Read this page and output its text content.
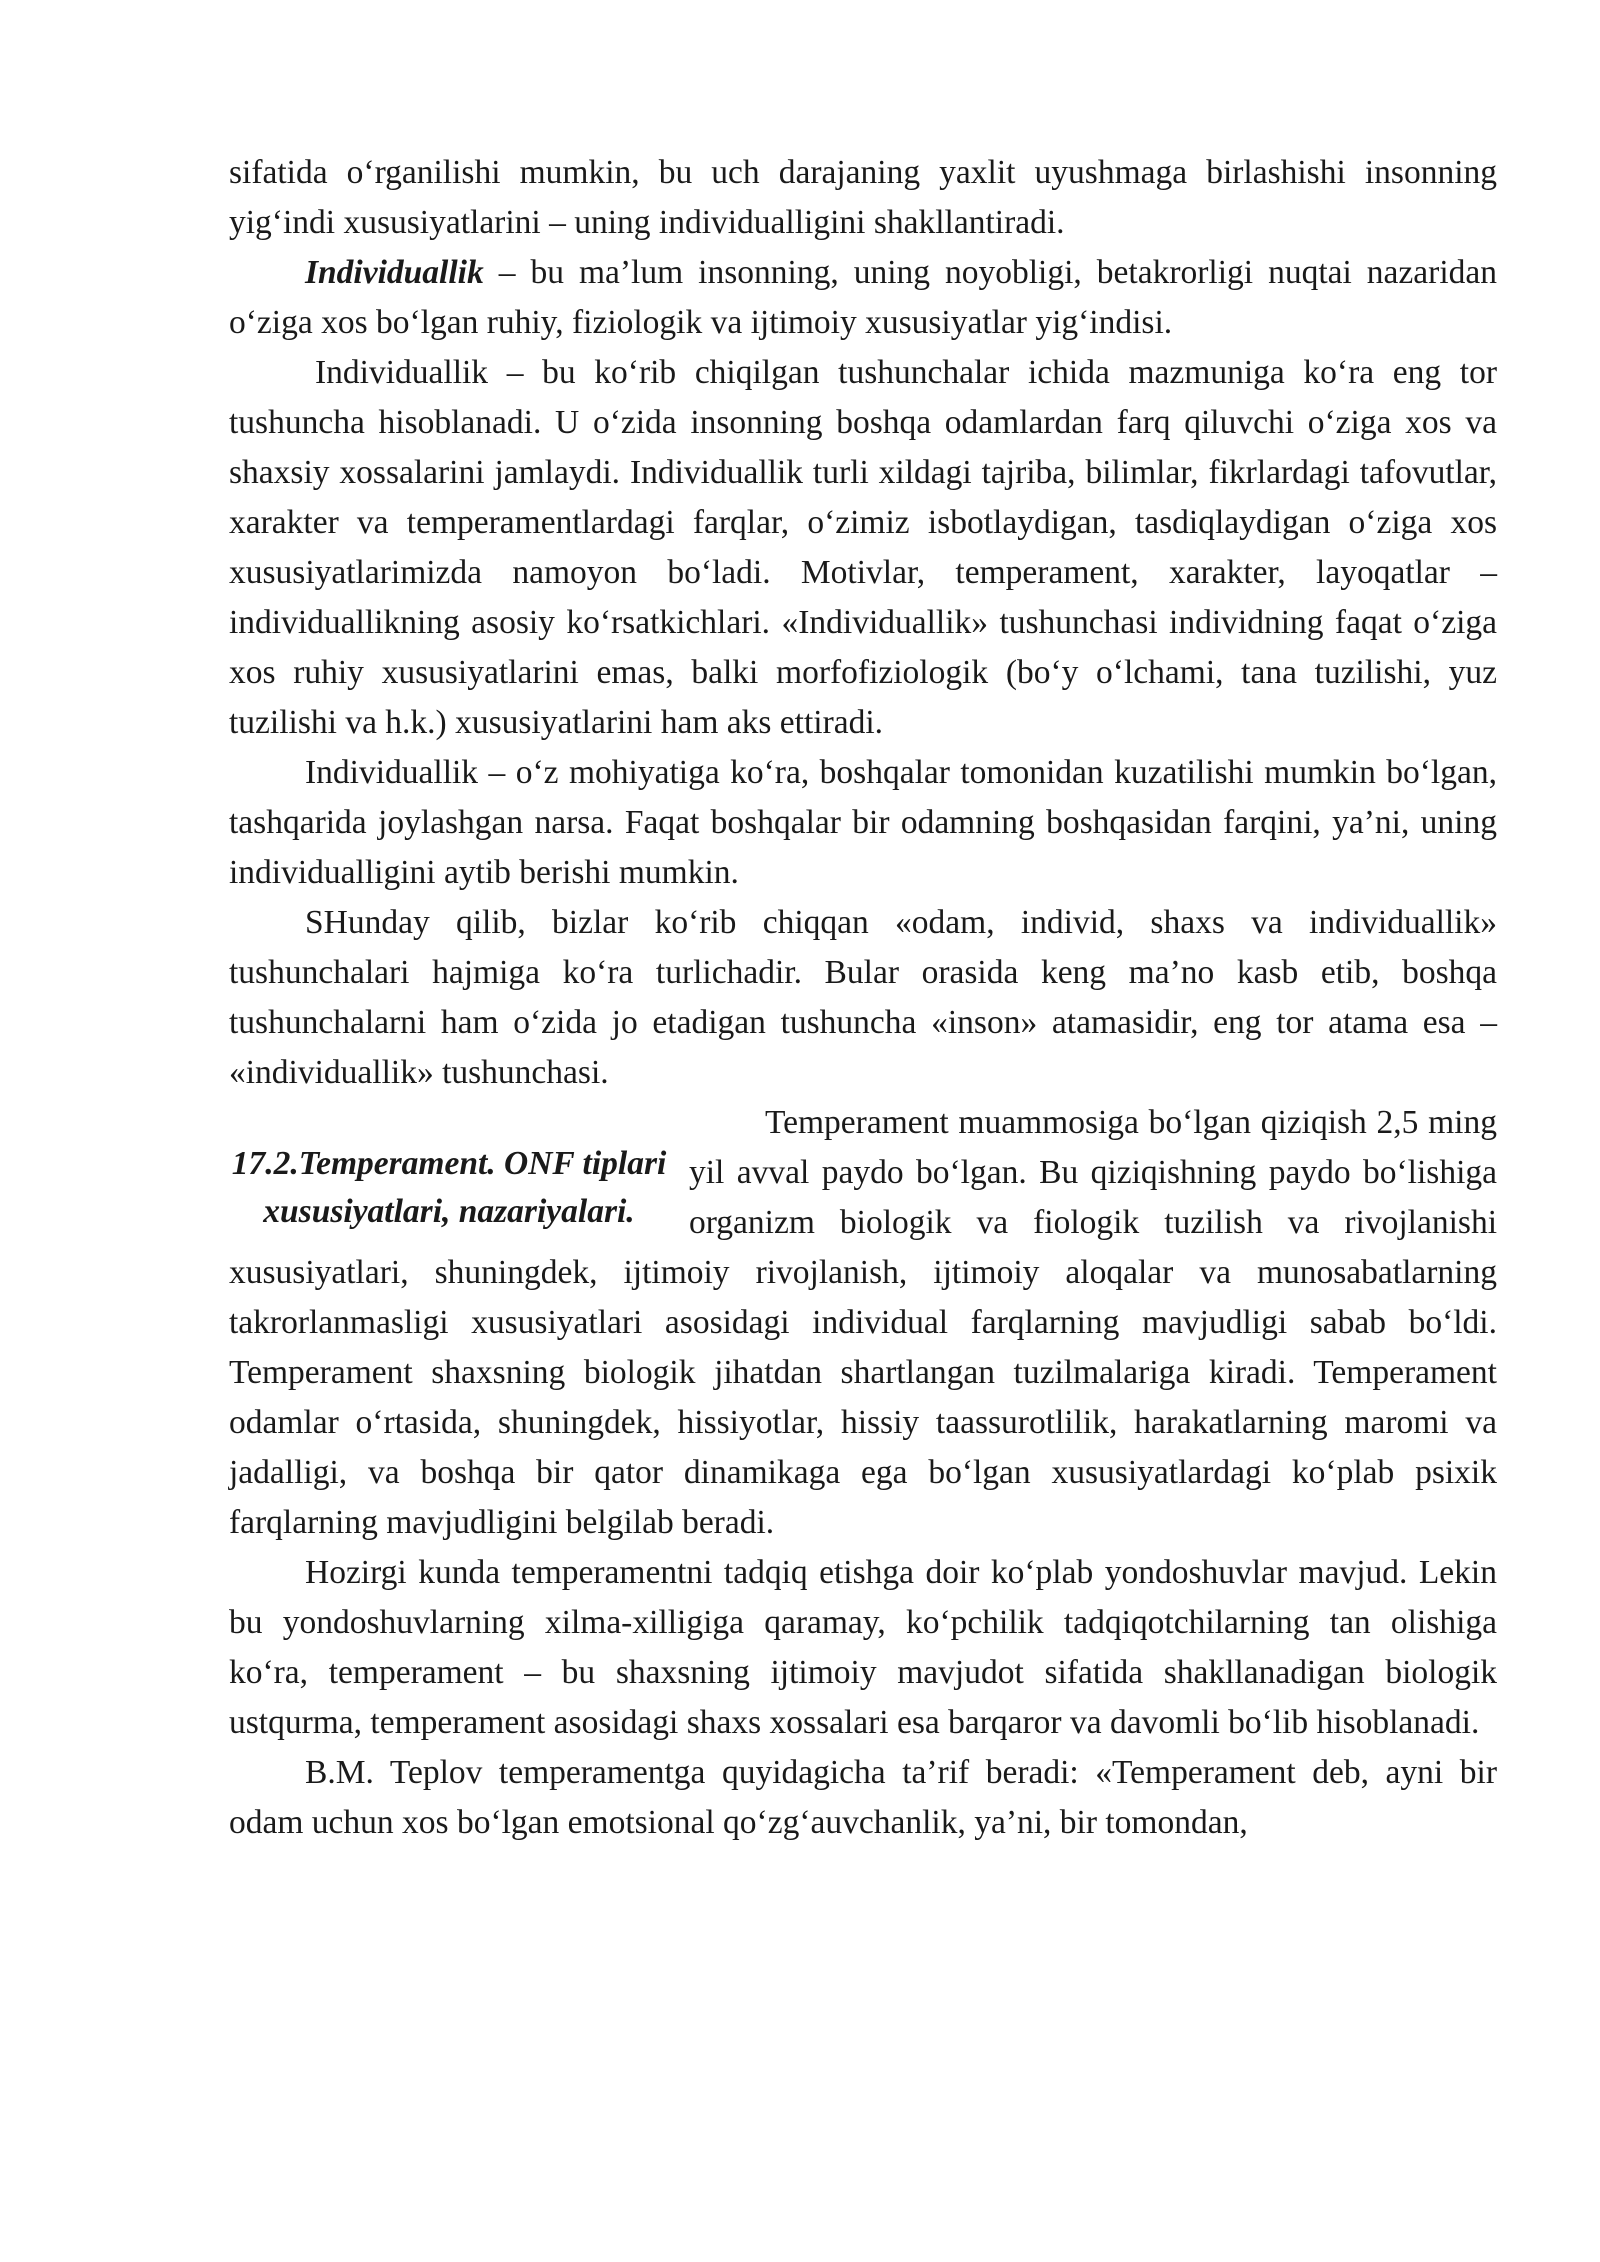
sifatida o‘rganilishi mumkin, bu uch darajaning yaxlit uyushmaga birlashishi insonning yig‘indi xususiyatlarini – uning individualligini shakllantiradi.

Individuallik – bu ma’lum insonning, uning noyobligi, betakrorligi nuqtai nazaridan o‘ziga xos bo‘lgan ruhiy, fiziologik va ijtimoiy xususiyatlar yig‘indisi.

Individuallik – bu ko‘rib chiqilgan tushunchalar ichida mazmuniga ko‘ra eng tor tushuncha hisoblanadi. U o‘zida insonning boshqa odamlardan farq qiluvchi o‘ziga xos va shaxsiy xossalarini jamlaydi. Individuallik turli xildagi tajriba, bilimlar, fikrlardagi tafovutlar, xarakter va temperamentlardagi farqlar, o‘zimiz isbotlaydigan, tasdiqlaydigan o‘ziga xos xususiyatlarimizda namoyon bo‘ladi. Motivlar, temperament, xarakter, layoqatlar – individuallikning asosiy ko‘rsatkichlari. «Individuallik» tushunchasi individning faqat o‘ziga xos ruhiy xususiyatlarini emas, balki morfofiziologik (bo‘y o‘lchami, tana tuzilishi, yuz tuzilishi va h.k.) xususiyatlarini ham aks ettiradi.

Individuallik – o‘z mohiyatiga ko‘ra, boshqalar tomonidan kuzatilishi mumkin bo‘lgan, tashqarida joylashgan narsa. Faqat boshqalar bir odamning boshqasidan farqini, ya’ni, uning individualligini aytib berishi mumkin.

SHunday qilib, bizlar ko‘rib chiqqan «odam, individ, shaxs va individuallik» tushunchalari hajmiga ko‘ra turlichadir. Bular orasida keng ma’no kasb etib, boshqa tushunchalarni ham o‘zida jo etadigan tushuncha «inson» atamasidir, eng tor atama esa – «individuallik» tushunchasi.

17.2.Temperament. ONF tiplari xususiyatlari, nazariyalari.

Temperament muammosiga bo‘lgan qiziqish 2,5 ming yil avval paydo bo‘lgan. Bu qiziqishning paydo bo‘lishiga organizm biologik va fiologik tuzilish va rivojlanishi xususiyatlari, shuningdek, ijtimoiy rivojlanish, ijtimoiy aloqalar va munosabatlarning takrorlanmasligi xususiyatlari asosidagi individual farqlarning mavjudligi sabab bo‘ldi. Temperament shaxsning biologik jihatdan shartlangan tuzilmalariga kiradi. Temperament odamlar o‘rtasida, shuningdek, hissiyotlar, hissiy taassurotlilik, harakatlarning maromi va jadalligi, va boshqa bir qator dinamikaga ega bo‘lgan xususiyatlardagi ko‘plab psixik farqlarning mavjudligini belgilab beradi.

Hozirgi kunda temperamentni tadqiq etishga doir ko‘plab yondoshuvlar mavjud. Lekin bu yondoshuvlarning xilma-xilligiga qaramay, ko‘pchilik tadqiqotchilarning tan olishiga ko‘ra, temperament – bu shaxsning ijtimoiy mavjudot sifatida shakllanadigan biologik ustqurma, temperament asosidagi shaxs xossalari esa barqaror va davomli bo‘lib hisoblanadi.

B.M. Teplov temperamentga quyidagicha ta’rif beradi: «Temperament deb, ayni bir odam uchun xos bo‘lgan emotsional qo‘zg‘auvchanlik, ya’ni, bir tomondan,
